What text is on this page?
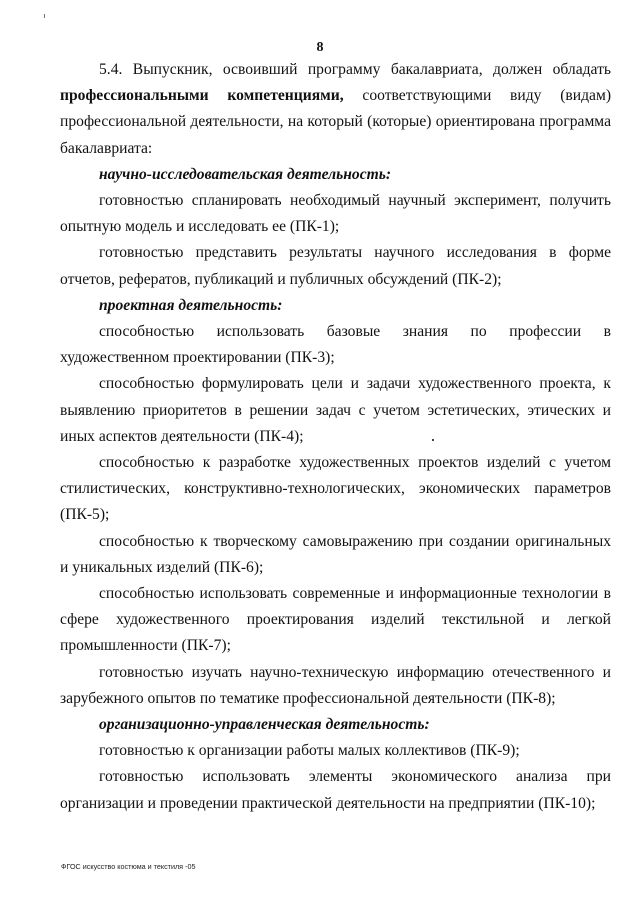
8

5.4. Выпускник, освоивший программу бакалавриата, должен обладать профессиональными компетенциями, соответствующими виду (видам) профессиональной деятельности, на который (которые) ориентирована программа бакалавриата:

научно-исследовательская деятельность:

готовностью спланировать необходимый научный эксперимент, получить опытную модель и исследовать ее (ПК-1);

готовностью представить результаты научного исследования в форме отчетов, рефератов, публикаций и публичных обсуждений (ПК-2);

проектная деятельность:

способностью использовать базовые знания по профессии в художественном проектировании (ПК-3);

способностью формулировать цели и задачи художественного проекта, к выявлению приоритетов в решении задач с учетом эстетических, этических и иных аспектов деятельности (ПК-4);

способностью к разработке художественных проектов изделий с учетом стилистических, конструктивно-технологических, экономических параметров (ПК-5);

способностью к творческому самовыражению при создании оригинальных и уникальных изделий (ПК-6);

способностью использовать современные и информационные технологии в сфере художественного проектирования изделий текстильной и легкой промышленности (ПК-7);

готовностью изучать научно-техническую информацию отечественного и зарубежного опытов по тематике профессиональной деятельности (ПК-8);

организационно-управленческая деятельность:

готовностью к организации работы малых коллективов (ПК-9);

готовностью использовать элементы экономического анализа при организации и проведении практической деятельности на предприятии (ПК-10);

ФГОС искусство костюма и текстиля -05
